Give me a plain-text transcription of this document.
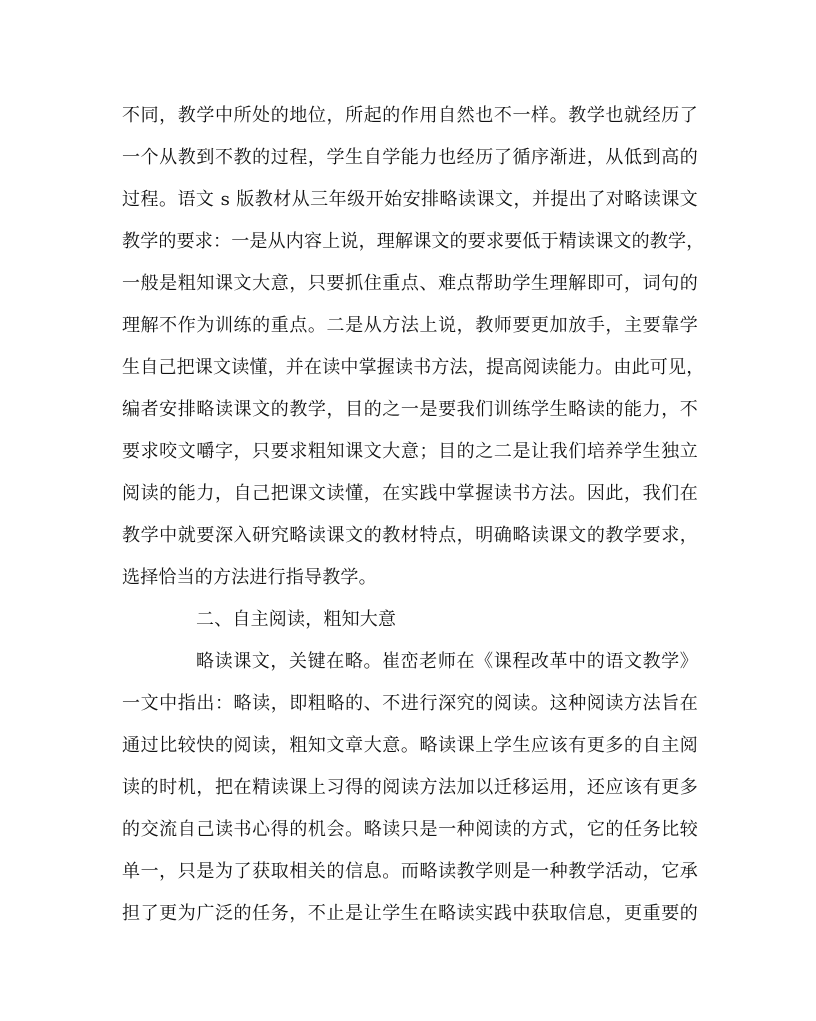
不同，教学中所处的地位，所起的作用自然也不一样。教学也就经历了
一个从教到不教的过程，学生自学能力也经历了循序渐进，从低到高的
过程。语文 s 版教材从三年级开始安排略读课文，并提出了对略读课文
教学的要求：一是从内容上说，理解课文的要求要低于精读课文的教学，
一般是粗知课文大意，只要抓住重点、难点帮助学生理解即可，词句的
理解不作为训练的重点。二是从方法上说，教师要更加放手，主要靠学
生自己把课文读懂，并在读中掌握读书方法，提高阅读能力。由此可见，
编者安排略读课文的教学，目的之一是要我们训练学生略读的能力，不
要求咬文嚼字，只要求粗知课文大意；目的之二是让我们培养学生独立
阅读的能力，自己把课文读懂，在实践中掌握读书方法。因此，我们在
教学中就要深入研究略读课文的教材特点，明确略读课文的教学要求，
选择恰当的方法进行指导教学。
二、自主阅读，粗知大意
略读课文，关键在略。崔峦老师在《课程改革中的语文教学》
一文中指出：略读，即粗略的、不进行深究的阅读。这种阅读方法旨在
通过比较快的阅读，粗知文章大意。略读课上学生应该有更多的自主阅
读的时机，把在精读课上习得的阅读方法加以迁移运用，还应该有更多
的交流自己读书心得的机会。略读只是一种阅读的方式，它的任务比较
单一，只是为了获取相关的信息。而略读教学则是一种教学活动，它承
担了更为广泛的任务，不止是让学生在略读实践中获取信息，更重要的
